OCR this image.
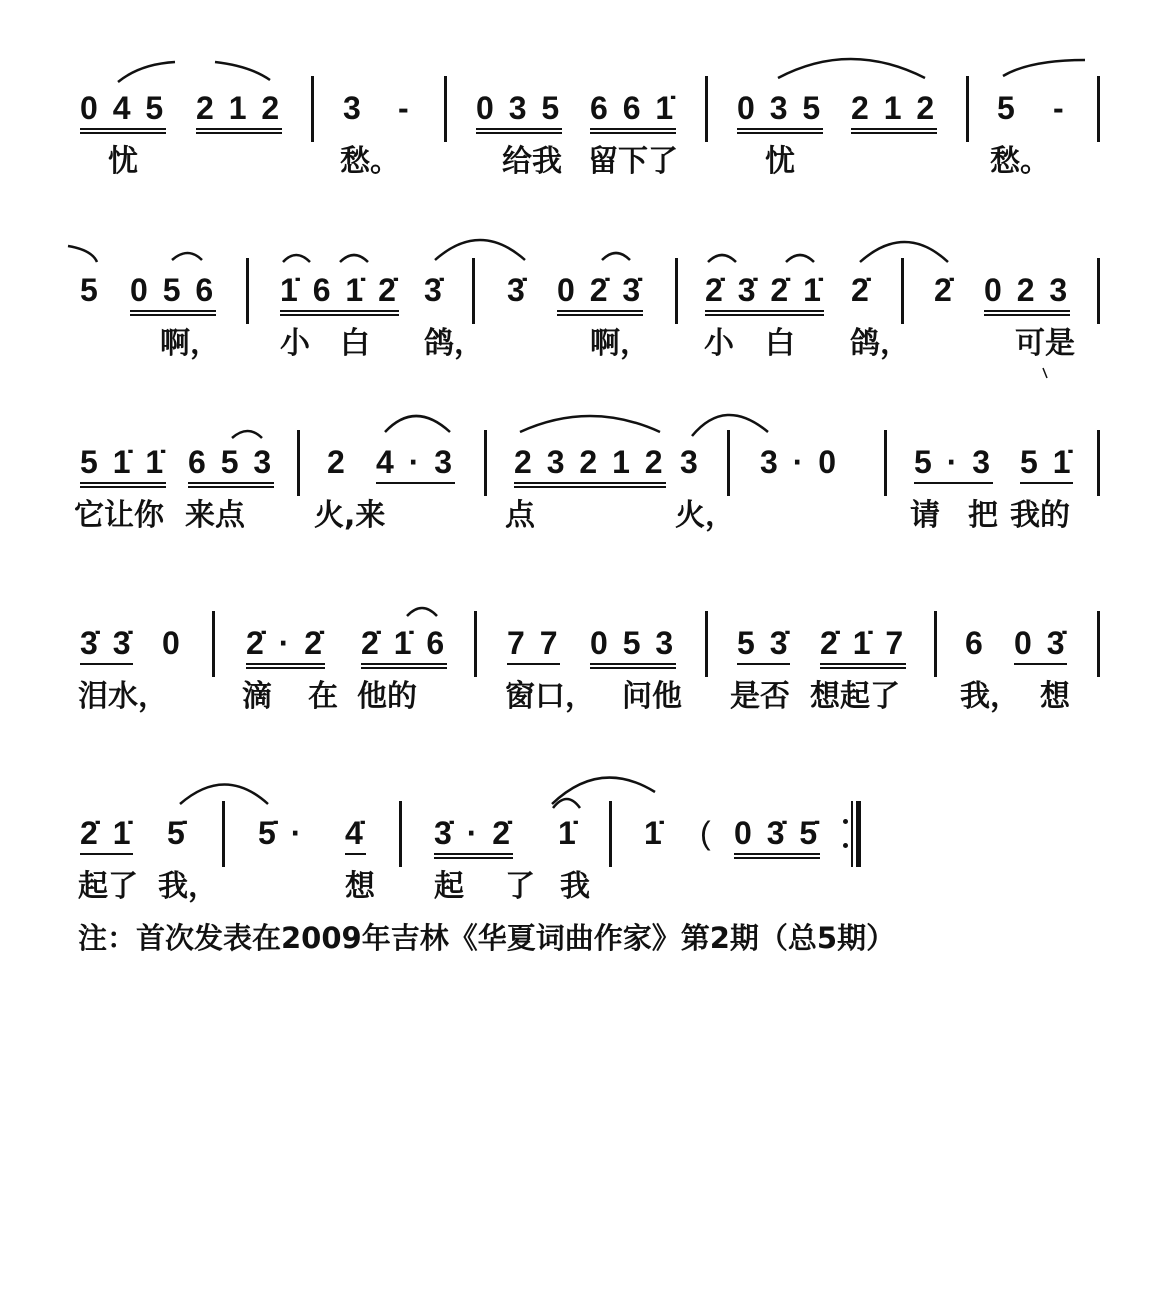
0 4 5 2 1 2 3 - 0 3 5 6 6 1̇ 0 3 5 2 1 2 5 -
忧	愁。	给我 留下了	忧	愁。
5 0 5 6 1̇ 6 1̇ 2̇ 3̇ 3̇ 0 2̇ 3̇ 2̇ 3̇ 2̇ 1̇ 2̇ 2̇ 0 2 3
啊， 小 白 鸽，	啊， 小 白 鸽，	可是
5 1̇ 1̇ 6 5 3 2 4 · 3 2 3 2 1 2 3 3 · 0 5 · 3 5 1̇
它让你 来点 火,来	点	火，	请 把 我的
3̇ 3̇ 0 2̇ · 2̇ 2̇ 1̇ 6 7 7 0 5 3 5 3̇ 2̇ 1̇ 7 6 0 3̇
泪水， 滴 在 他的	窗口， 问他 是否 想起了 我， 想
2̇ 1̇ 5̇ 5̇ · 4̇ 3̇ · 2̇ 1̇ 1̇ ( 0 3̇ 5̇
起了 我，	想 起 了 我
注：首次发表在2009年吉林《华夏词曲作家》第2期（总5期）
